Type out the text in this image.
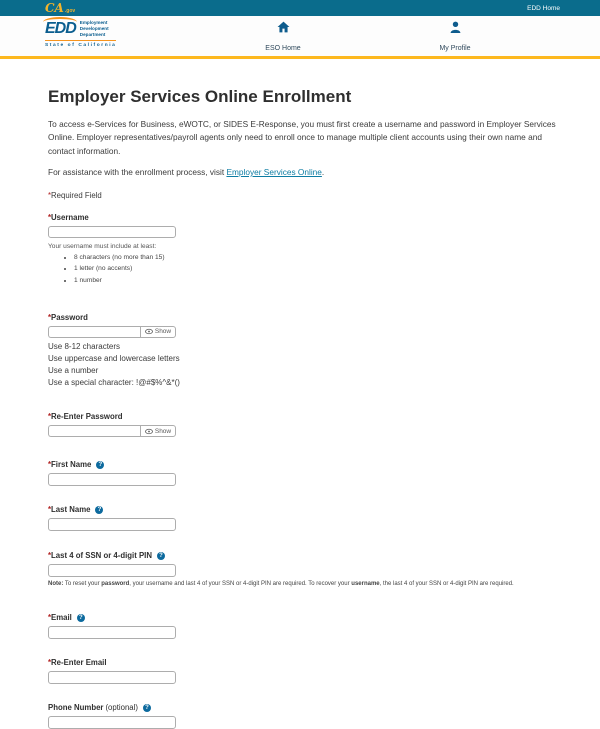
CA .gov	EDD Home
EDD Employment
Development
Department
State of California	ESO Home	My Profile
Employer Services Online Enrollment

To access e-Services for Business, eWOTC, or SIDES E-Response, you must first create a username and password in Employer Services Online. Employer representatives/payroll agents only need to enroll once to manage multiple client accounts using their own name and contact information.

For assistance with the enrollment process, visit Employer Services Online.

*Required Field
* Username
Your username must include at least:
• 8 characters (no more than 15)
• 1 letter (no accents)
• 1 number
* Password
Show
Use 8-12 characters
Use uppercase and lowercase letters
Use a number
Use a special character: !@#$%^&*()
* Re-Enter Password
Show
* First Name	?
* Last Name	?
* Last 4 of SSN or 4-digit PIN	?
Note: To reset your password, your username and last 4 of your SSN or 4-digit PIN are required. To recover your username, the last 4 of your SSN or 4-digit PIN are required.
* Email	?
* Re-Enter Email
Phone Number (optional)	?
